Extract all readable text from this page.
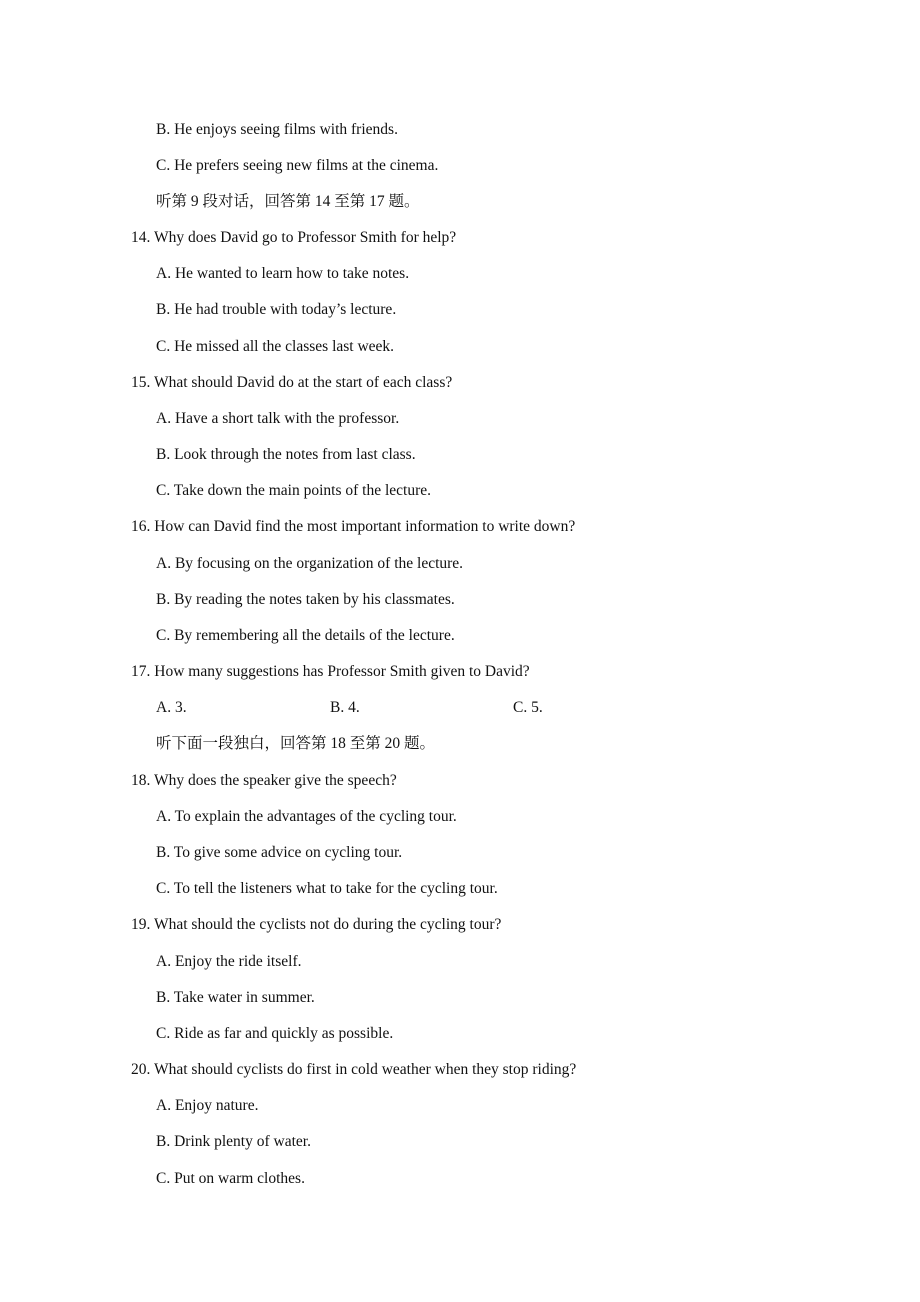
B. He enjoys seeing films with friends.
C. He prefers seeing new films at the cinema.
听第 9 段对话，回答第 14 至第 17 题。
14. Why does David go to Professor Smith for help?
A. He wanted to learn how to take notes.
B. He had trouble with today’s lecture.
C. He missed all the classes last week.
15. What should David do at the start of each class?
A. Have a short talk with the professor.
B. Look through the notes from last class.
C. Take down the main points of the lecture.
16. How can David find the most important information to write down?
A. By focusing on the organization of the lecture.
B. By reading the notes taken by his classmates.
C. By remembering all the details of the lecture.
17. How many suggestions has Professor Smith given to David?
A. 3.	B. 4.	C. 5.
听下面一段独白，回答第 18 至第 20 题。
18. Why does the speaker give the speech?
A. To explain the advantages of the cycling tour.
B. To give some advice on cycling tour.
C. To tell the listeners what to take for the cycling tour.
19. What should the cyclists not do during the cycling tour?
A. Enjoy the ride itself.
B. Take water in summer.
C. Ride as far and quickly as possible.
20. What should cyclists do first in cold weather when they stop riding?
A. Enjoy nature.
B. Drink plenty of water.
C. Put on warm clothes.
